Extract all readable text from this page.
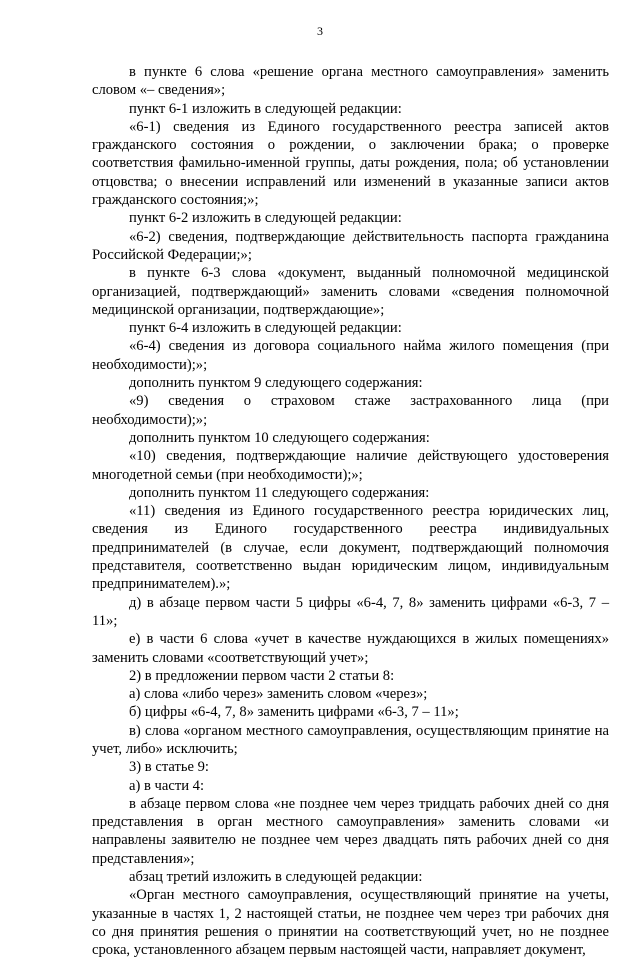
3

в пункте 6 слова «решение органа местного самоуправления» заменить словом «– сведения»;

пункт 6-1 изложить в следующей редакции:

«6-1) сведения из Единого государственного реестра записей актов гражданского состояния о рождении, о заключении брака; о проверке соответствия фамильно-именной группы, даты рождения, пола; об установлении отцовства; о внесении исправлений или изменений в указанные записи актов гражданского состояния;»;

пункт 6-2 изложить в следующей редакции:

«6-2) сведения, подтверждающие действительность паспорта гражданина Российской Федерации;»;

в пункте 6-3 слова «документ, выданный полномочной медицинской организацией, подтверждающий» заменить словами «сведения полномочной медицинской организации, подтверждающие»;

пункт 6-4 изложить в следующей редакции:

«6-4) сведения из договора социального найма жилого помещения (при необходимости);»;

дополнить пунктом 9 следующего содержания:

«9) сведения о страховом стаже застрахованного лица (при необходимости);»;

дополнить пунктом 10 следующего содержания:

«10) сведения, подтверждающие наличие действующего удостоверения многодетной семьи (при необходимости);»;

дополнить пунктом 11 следующего содержания:

«11) сведения из Единого государственного реестра юридических лиц, сведения из Единого государственного реестра индивидуальных предпринимателей (в случае, если документ, подтверждающий полномочия представителя, соответственно выдан юридическим лицом, индивидуальным предпринимателем).»;

д) в абзаце первом части 5 цифры «6-4, 7, 8» заменить цифрами «6-3, 7 – 11»;

е) в части 6 слова «учет в качестве нуждающихся в жилых помещениях» заменить словами «соответствующий учет»;

2) в предложении первом части 2 статьи 8:

а) слова «либо через» заменить словом «через»;

б) цифры «6-4, 7, 8» заменить цифрами «6-3, 7 – 11»;

в) слова «органом местного самоуправления, осуществляющим принятие на учет, либо» исключить;

3) в статье 9:

а) в части 4:

в абзаце первом слова «не позднее чем через тридцать рабочих дней со дня представления в орган местного самоуправления» заменить словами «и направлены заявителю не позднее чем через двадцать пять рабочих дней со дня представления»;

абзац третий изложить в следующей редакции:

«Орган местного самоуправления, осуществляющий принятие на учеты, указанные в частях 1, 2 настоящей статьи, не позднее чем через три рабочих дня со дня принятия решения о принятии на соответствующий учет, но не позднее срока, установленного абзацем первым настоящей части, направляет документ,
